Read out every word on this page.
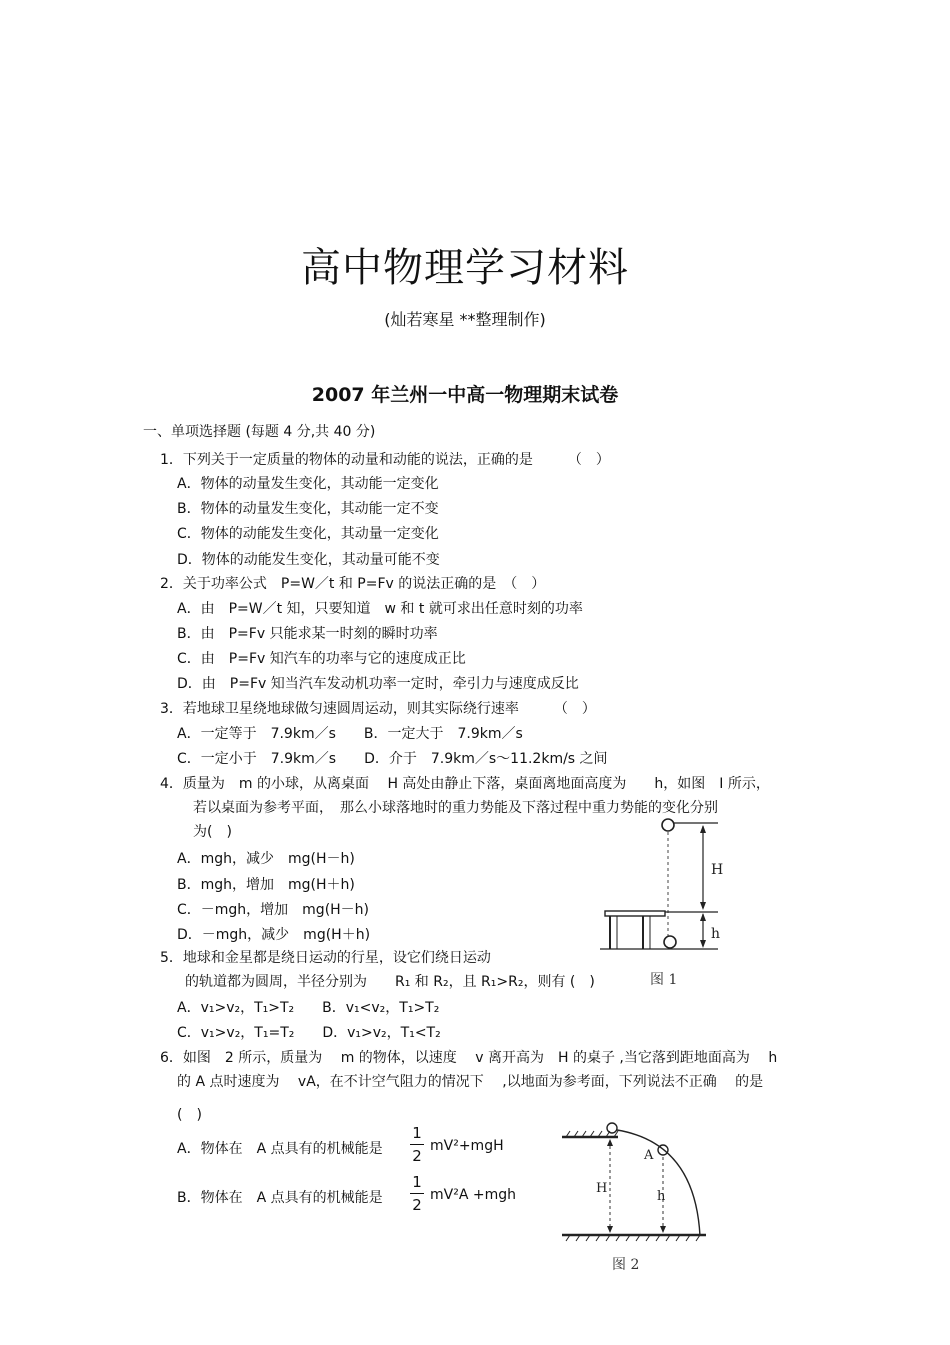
高中物理学习材料
(灿若寒星 **整理制作)
2007 年兰州一中高一物理期末试卷
一、单项选择题 (每题 4 分,共 40 分)
1．下列关于一定质量的物体的动量和动能的说法，正确的是　　　（　）
A．物体的动量发生变化，其动能一定变化
B．物体的动量发生变化，其动能一定不变
C．物体的动能发生变化，其动量一定变化
D．物体的动能发生变化，其动量可能不变
2．关于功率公式　P=W／t 和 P=Fv 的说法正确的是　（　）
A．由　P=W／t 知，只要知道　w 和 t 就可求出任意时刻的功率
B．由　P=Fv 只能求某一时刻的瞬时功率
C．由　P=Fv 知汽车的功率与它的速度成正比
D．由　P=Fv 知当汽车发动机功率一定时，牵引力与速度成反比
3．若地球卫星绕地球做匀速圆周运动，则其实际绕行速率　　　（　）
A．一定等于　7.9km／s　　B．一定大于　7.9km／s
C．一定小于　7.9km／s　　D．介于　7.9km／s～11.2km/s 之间
4．质量为　m 的小球，从离桌面　 H 高处由静止下落，桌面离地面高度为　　h，如图　I 所示，
若以桌面为参考平面，　那么小球落地时的重力势能及下落过程中重力势能的变化分别
为(　)
A．mgh，减少　mg(H－h)
B．mgh，增加　mg(H＋h)
C．－mgh，增加　mg(H－h)
D．－mgh，减少　mg(H＋h)
H
h
图 1
5．地球和金星都是绕日运动的行星，设它们绕日运动
的轨道都为圆周，半径分别为　　R₁ 和 R₂，且 R₁>R₂，则有 (　)
A．v₁>v₂，T₁>T₂　　B．v₁<v₂，T₁>T₂
C．v₁>v₂，T₁=T₂　　D．v₁>v₂，T₁<T₂
6．如图　2 所示，质量为　 m 的物体，以速度　 v 离开高为　H 的桌子 ,当它落到距地面高为　 h
的 A 点时速度为　 vA，在不计空气阻力的情况下　 ,以地面为参考面，下列说法不正确　 的是
(　)
A．物体在　A 点具有的机械能是
1
2
mV²+mgH
B．物体在　A 点具有的机械能是
1
2
mV²A +mgh
A
H
h
图 2
